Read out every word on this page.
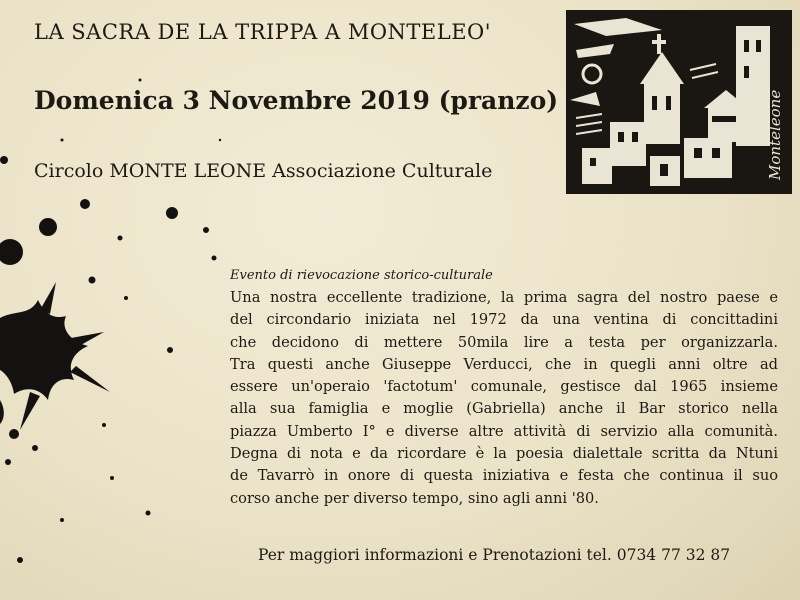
LA SACRA DE LA TRIPPA A MONTELEO'
Domenica 3 Novembre 2019 (pranzo)
Circolo MONTE LEONE Associazione Culturale	Monteleone
Evento di rievocazione storico-culturale
Una nostra eccellente tradizione, la prima sagra del nostro paese e
del circondario iniziata nel 1972 da una ventina di concittadini
che decidono di mettere 50mila lire a testa per organizzarla.
Tra questi anche Giuseppe Verducci, che in quegli anni oltre ad
essere un'operaio 'factotum' comunale, gestisce dal 1965 insieme
alla sua famiglia e moglie (Gabriella) anche il Bar storico nella
piazza Umberto I° e diverse altre attività di servizio alla comunità.
Degna di nota e da ricordare è la poesia dialettale scritta da Ntuni
de Tavarrò in onore di questa iniziativa e festa che continua il suo
corso anche per diverso tempo, sino agli anni '80.
Per maggiori informazioni e Prenotazioni tel. 0734 77 32 87
